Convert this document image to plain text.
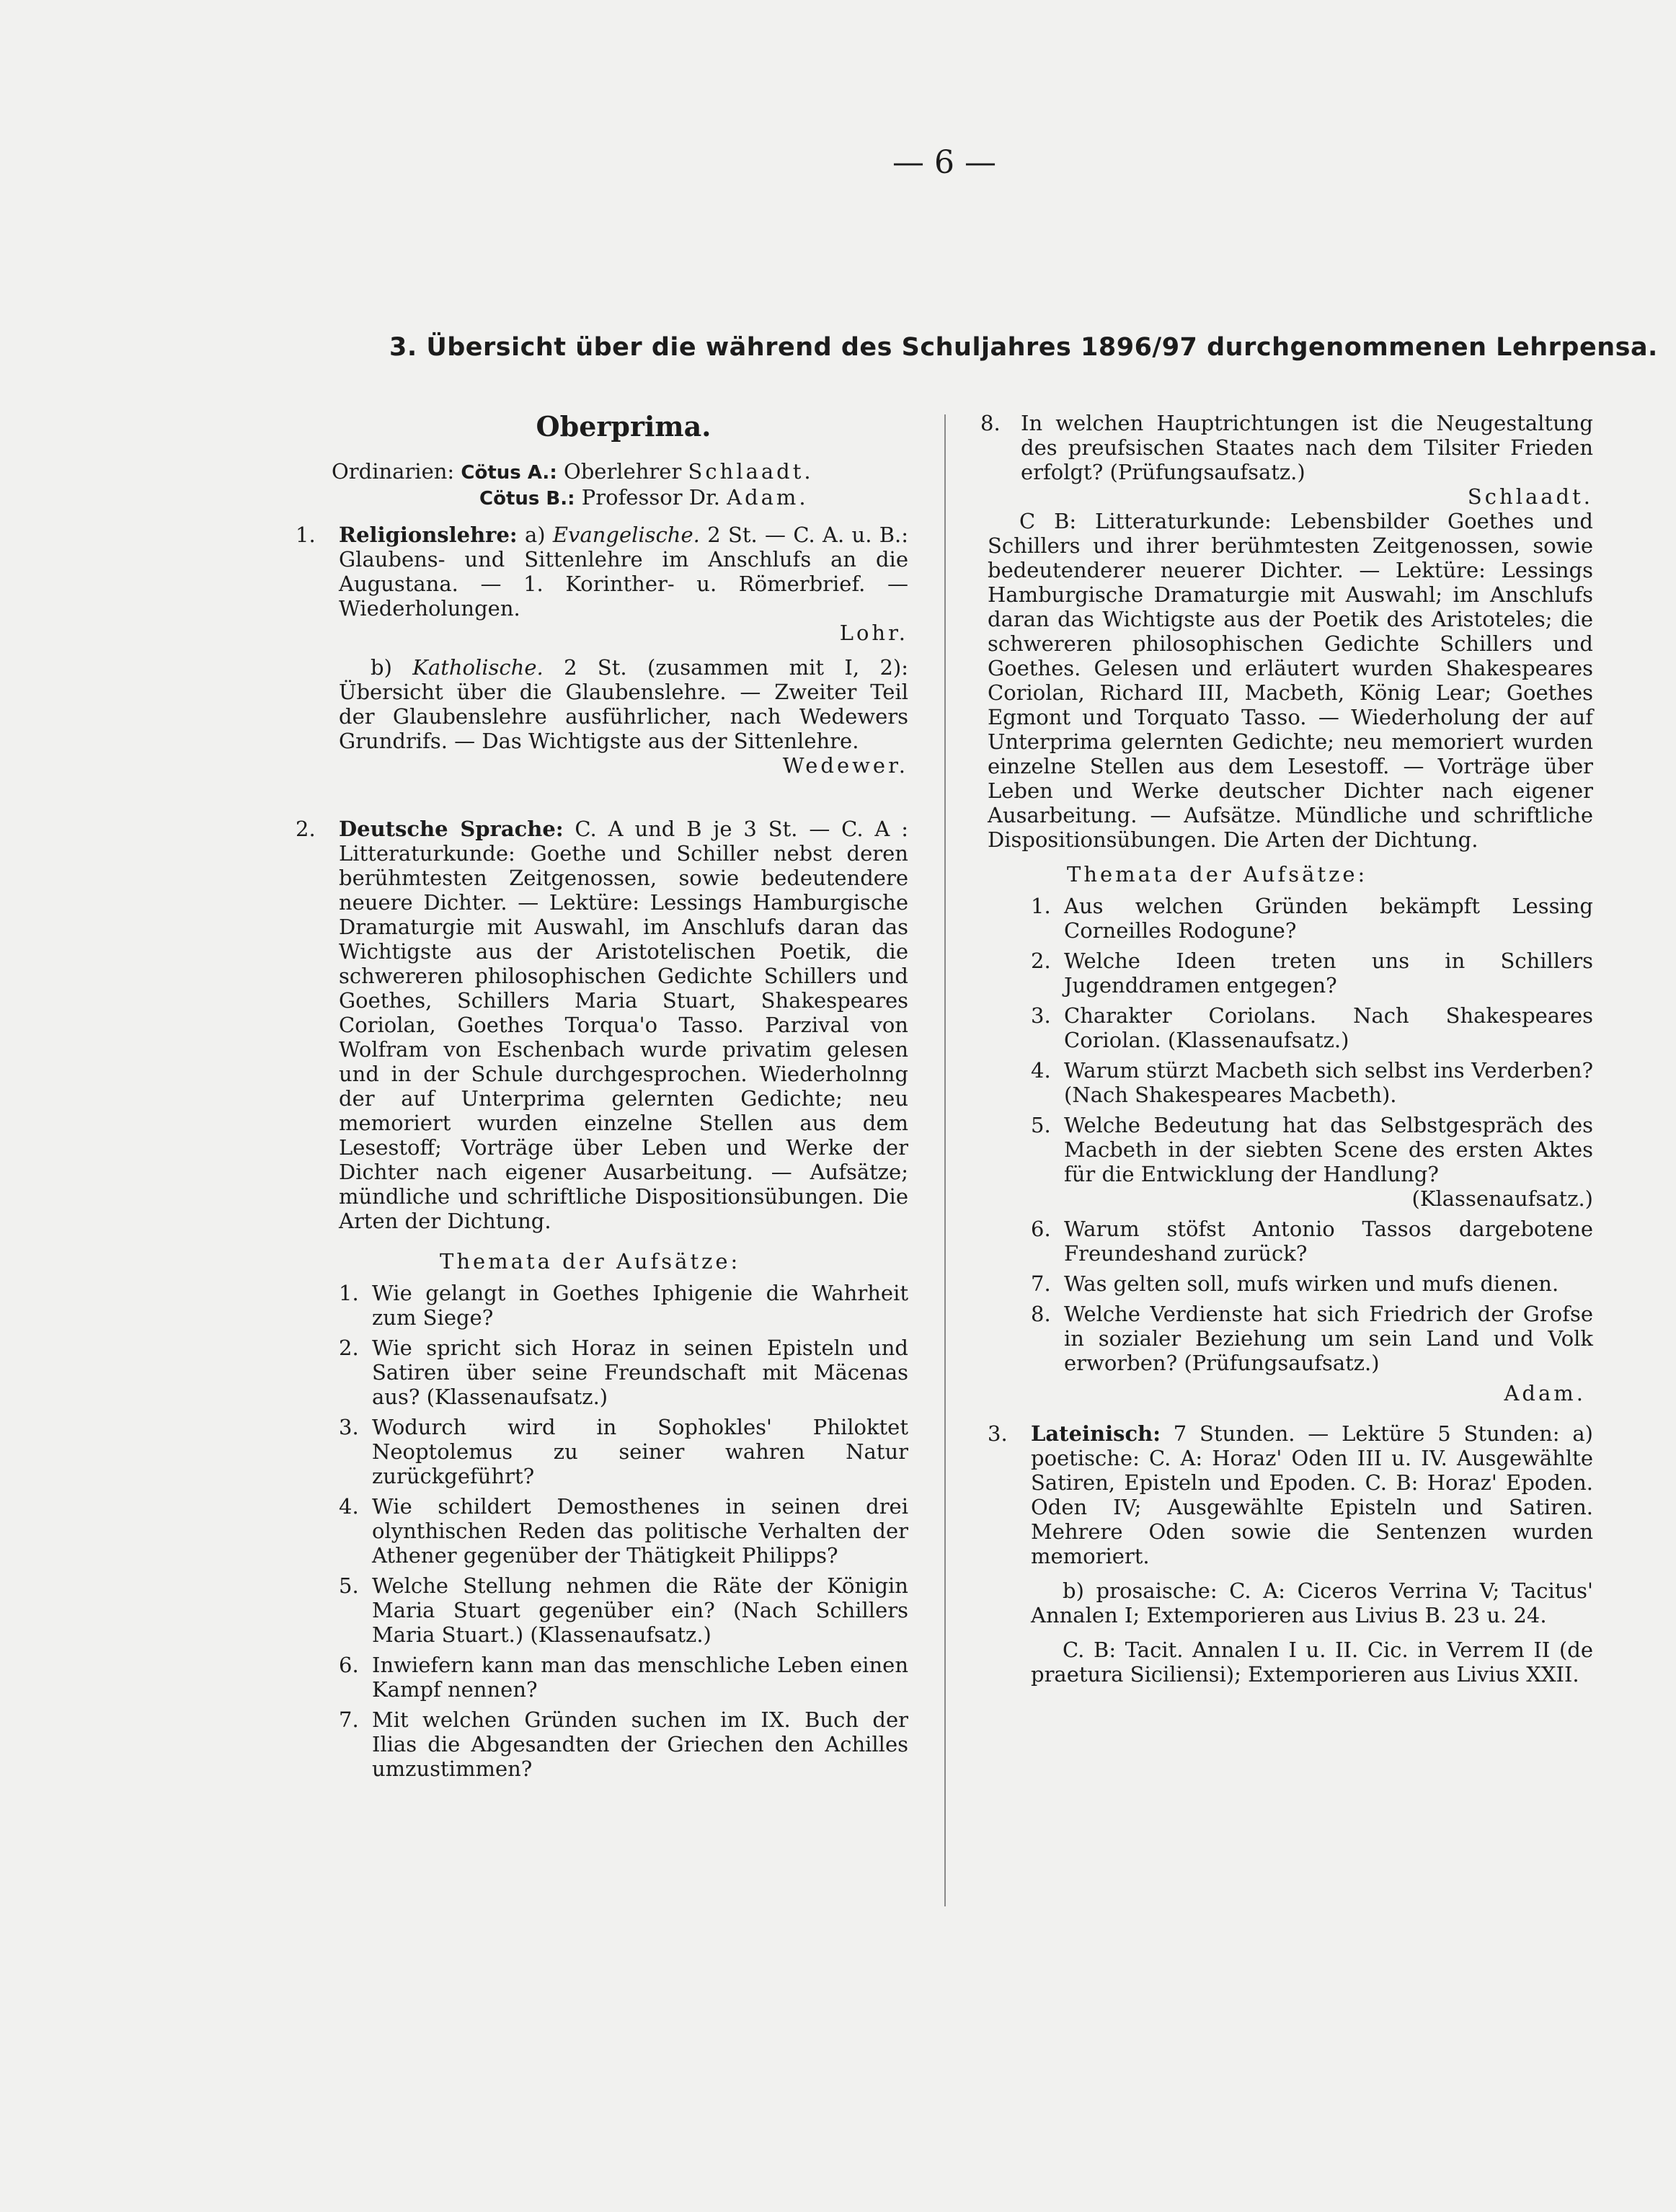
— 6 —
3. Übersicht über die während des Schuljahres 1896/97 durchgenommenen Lehrpensa.

Oberprima.

Ordinarien: Cötus A.: Oberlehrer Schlaadt.

Cötus B.: Professor Dr. Adam.

1. Religionslehre: a) Evangelische. 2 St. — C. A. u. B.: Glaubens- und Sittenlehre im Anschlufs an die Augustana. — 1. Korinther- u. Römerbrief. — Wiederholungen.

Lohr.

b) Katholische. 2 St. (zusammen mit I, 2): Übersicht über die Glaubenslehre. — Zweiter Teil der Glaubenslehre ausführlicher, nach Wedewers Grundrifs. — Das Wichtigste aus der Sittenlehre.

Wedewer.

2. Deutsche Sprache: C. A und B je 3 St. — C. A : Litteraturkunde: Goethe und Schiller nebst deren berühmtesten Zeitgenossen, sowie bedeutendere neuere Dichter. — Lektüre: Lessings Hamburgische Dramaturgie mit Auswahl, im Anschlufs daran das Wichtigste aus der Aristotelischen Poetik, die schwereren philosophischen Gedichte Schillers und Goethes, Schillers Maria Stuart, Shakespeares Coriolan, Goethes Torqua'o Tasso. Parzival von Wolfram von Eschenbach wurde privatim gelesen und in der Schule durchgesprochen. Wiederholnng der auf Unterprima gelernten Gedichte; neu memoriert wurden einzelne Stellen aus dem Lesestoff; Vorträge über Leben und Werke der Dichter nach eigener Ausarbeitung. — Aufsätze; mündliche und schriftliche Dispositionsübungen. Die Arten der Dichtung.

Themata der Aufsätze:

1. Wie gelangt in Goethes Iphigenie die Wahrheit zum Siege?

2. Wie spricht sich Horaz in seinen Episteln und Satiren über seine Freundschaft mit Mäcenas aus? (Klassenaufsatz.)

3. Wodurch wird in Sophokles' Philoktet Neoptolemus zu seiner wahren Natur zurückgeführt?

4. Wie schildert Demosthenes in seinen drei olynthischen Reden das politische Verhalten der Athener gegenüber der Thätigkeit Philipps?

5. Welche Stellung nehmen die Räte der Königin Maria Stuart gegenüber ein? (Nach Schillers Maria Stuart.) (Klassenaufsatz.)

6. Inwiefern kann man das menschliche Leben einen Kampf nennen?

7. Mit welchen Gründen suchen im IX. Buch der Ilias die Abgesandten der Griechen den Achilles umzustimmen?

8. In welchen Hauptrichtungen ist die Neugestaltung des preufsischen Staates nach dem Tilsiter Frieden erfolgt? (Prüfungsaufsatz.)

Schlaadt.

C B: Litteraturkunde: Lebensbilder Goethes und Schillers und ihrer berühmtesten Zeitgenossen, sowie bedeutenderer neuerer Dichter. — Lektüre: Lessings Hamburgische Dramaturgie mit Auswahl; im Anschlufs daran das Wichtigste aus der Poetik des Aristoteles; die schwereren philosophischen Gedichte Schillers und Goethes. Gelesen und erläutert wurden Shakespeares Coriolan, Richard III, Macbeth, König Lear; Goethes Egmont und Torquato Tasso. — Wiederholung der auf Unterprima gelernten Gedichte; neu memoriert wurden einzelne Stellen aus dem Lesestoff. — Vorträge über Leben und Werke deutscher Dichter nach eigener Ausarbeitung. — Aufsätze. Mündliche und schriftliche Dispositionsübungen. Die Arten der Dichtung.

Themata der Aufsätze:

1. Aus welchen Gründen bekämpft Lessing Corneilles Rodogune?

2. Welche Ideen treten uns in Schillers Jugenddramen entgegen?

3. Charakter Coriolans. Nach Shakespeares Coriolan. (Klassenaufsatz.)

4. Warum stürzt Macbeth sich selbst ins Verderben? (Nach Shakespeares Macbeth).

5. Welche Bedeutung hat das Selbstgespräch des Macbeth in der siebten Scene des ersten Aktes für die Entwicklung der Handlung?

(Klassenaufsatz.)

6. Warum stöfst Antonio Tassos dargebotene Freundeshand zurück?

7. Was gelten soll, mufs wirken und mufs dienen.

8. Welche Verdienste hat sich Friedrich der Grofse in sozialer Beziehung um sein Land und Volk erworben? (Prüfungsaufsatz.)

Adam.

3. Lateinisch: 7 Stunden. — Lektüre 5 Stunden: a) poetische: C. A: Horaz' Oden III u. IV. Ausgewählte Satiren, Episteln und Epoden. C. B: Horaz' Epoden. Oden IV; Ausgewählte Episteln und Satiren. Mehrere Oden sowie die Sentenzen wurden memoriert.

b) prosaische: C. A: Ciceros Verrina V; Tacitus' Annalen I; Extemporieren aus Livius B. 23 u. 24.

C. B: Tacit. Annalen I u. II. Cic. in Verrem II (de praetura Siciliensi); Extemporieren aus Livius XXII.
